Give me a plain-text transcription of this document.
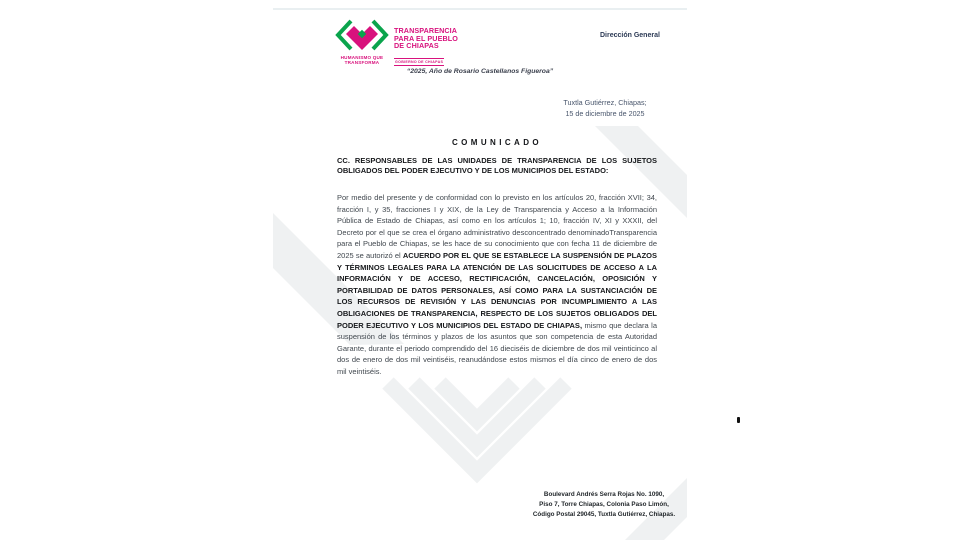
HUMANISMO QUE
TRANSFORMA
TRANSPARENCIA
PARA EL PUEBLO
DE CHIAPAS
GOBIERNO DE CHIAPAS
Dirección General
“2025, Año de Rosario Castellanos Figueroa”
Tuxtla Gutiérrez, Chiapas;
15 de diciembre de 2025
COMUNICADO
CC. RESPONSABLES DE LAS UNIDADES DE TRANSPARENCIA DE LOS SUJETOS OBLIGADOS DEL PODER EJECUTIVO Y DE LOS MUNICIPIOS DEL ESTADO:
Por medio del presente y de conformidad con lo previsto en los artículos 20, fracción XVII; 34, fracción I, y 35, fracciones I y XIX, de la Ley de Transparencia y Acceso a la Información Pública de Estado de Chiapas, así como en los artículos 1; 10, fracción IV, XI y XXXII, del Decreto por el que se crea el órgano administrativo desconcentrado denominadoTransparencia para el Pueblo de Chiapas, se les hace de su conocimiento que con fecha 11 de diciembre de 2025 se autorizó el ACUERDO POR EL QUE SE ESTABLECE LA SUSPENSIÓN DE PLAZOS Y TÉRMINOS LEGALES PARA LA ATENCIÓN DE LAS SOLICITUDES DE ACCESO A LA INFORMACIÓN Y DE ACCESO, RECTIFICACIÓN, CANCELACIÓN, OPOSICIÓN Y PORTABILIDAD DE DATOS PERSONALES, ASÍ COMO PARA LA SUSTANCIACIÓN DE LOS RECURSOS DE REVISIÓN Y LAS DENUNCIAS POR INCUMPLIMIENTO A LAS OBLIGACIONES DE TRANSPARENCIA, RESPECTO DE LOS SUJETOS OBLIGADOS DEL PODER EJECUTIVO Y LOS MUNICIPIOS DEL ESTADO DE CHIAPAS, mismo que declara la suspensión de los términos y plazos de los asuntos que son competencia de esta Autoridad Garante, durante el periodo comprendido del 16 dieciséis de diciembre de dos mil veinticinco al dos de enero de dos mil veintiséis, reanudándose estos mismos el día cinco de enero de dos mil veintiséis.
Boulevard Andrés Serra Rojas No. 1090,
Piso 7, Torre Chiapas, Colonia Paso Limón,
Código Postal 29045, Tuxtla Gutiérrez, Chiapas.
